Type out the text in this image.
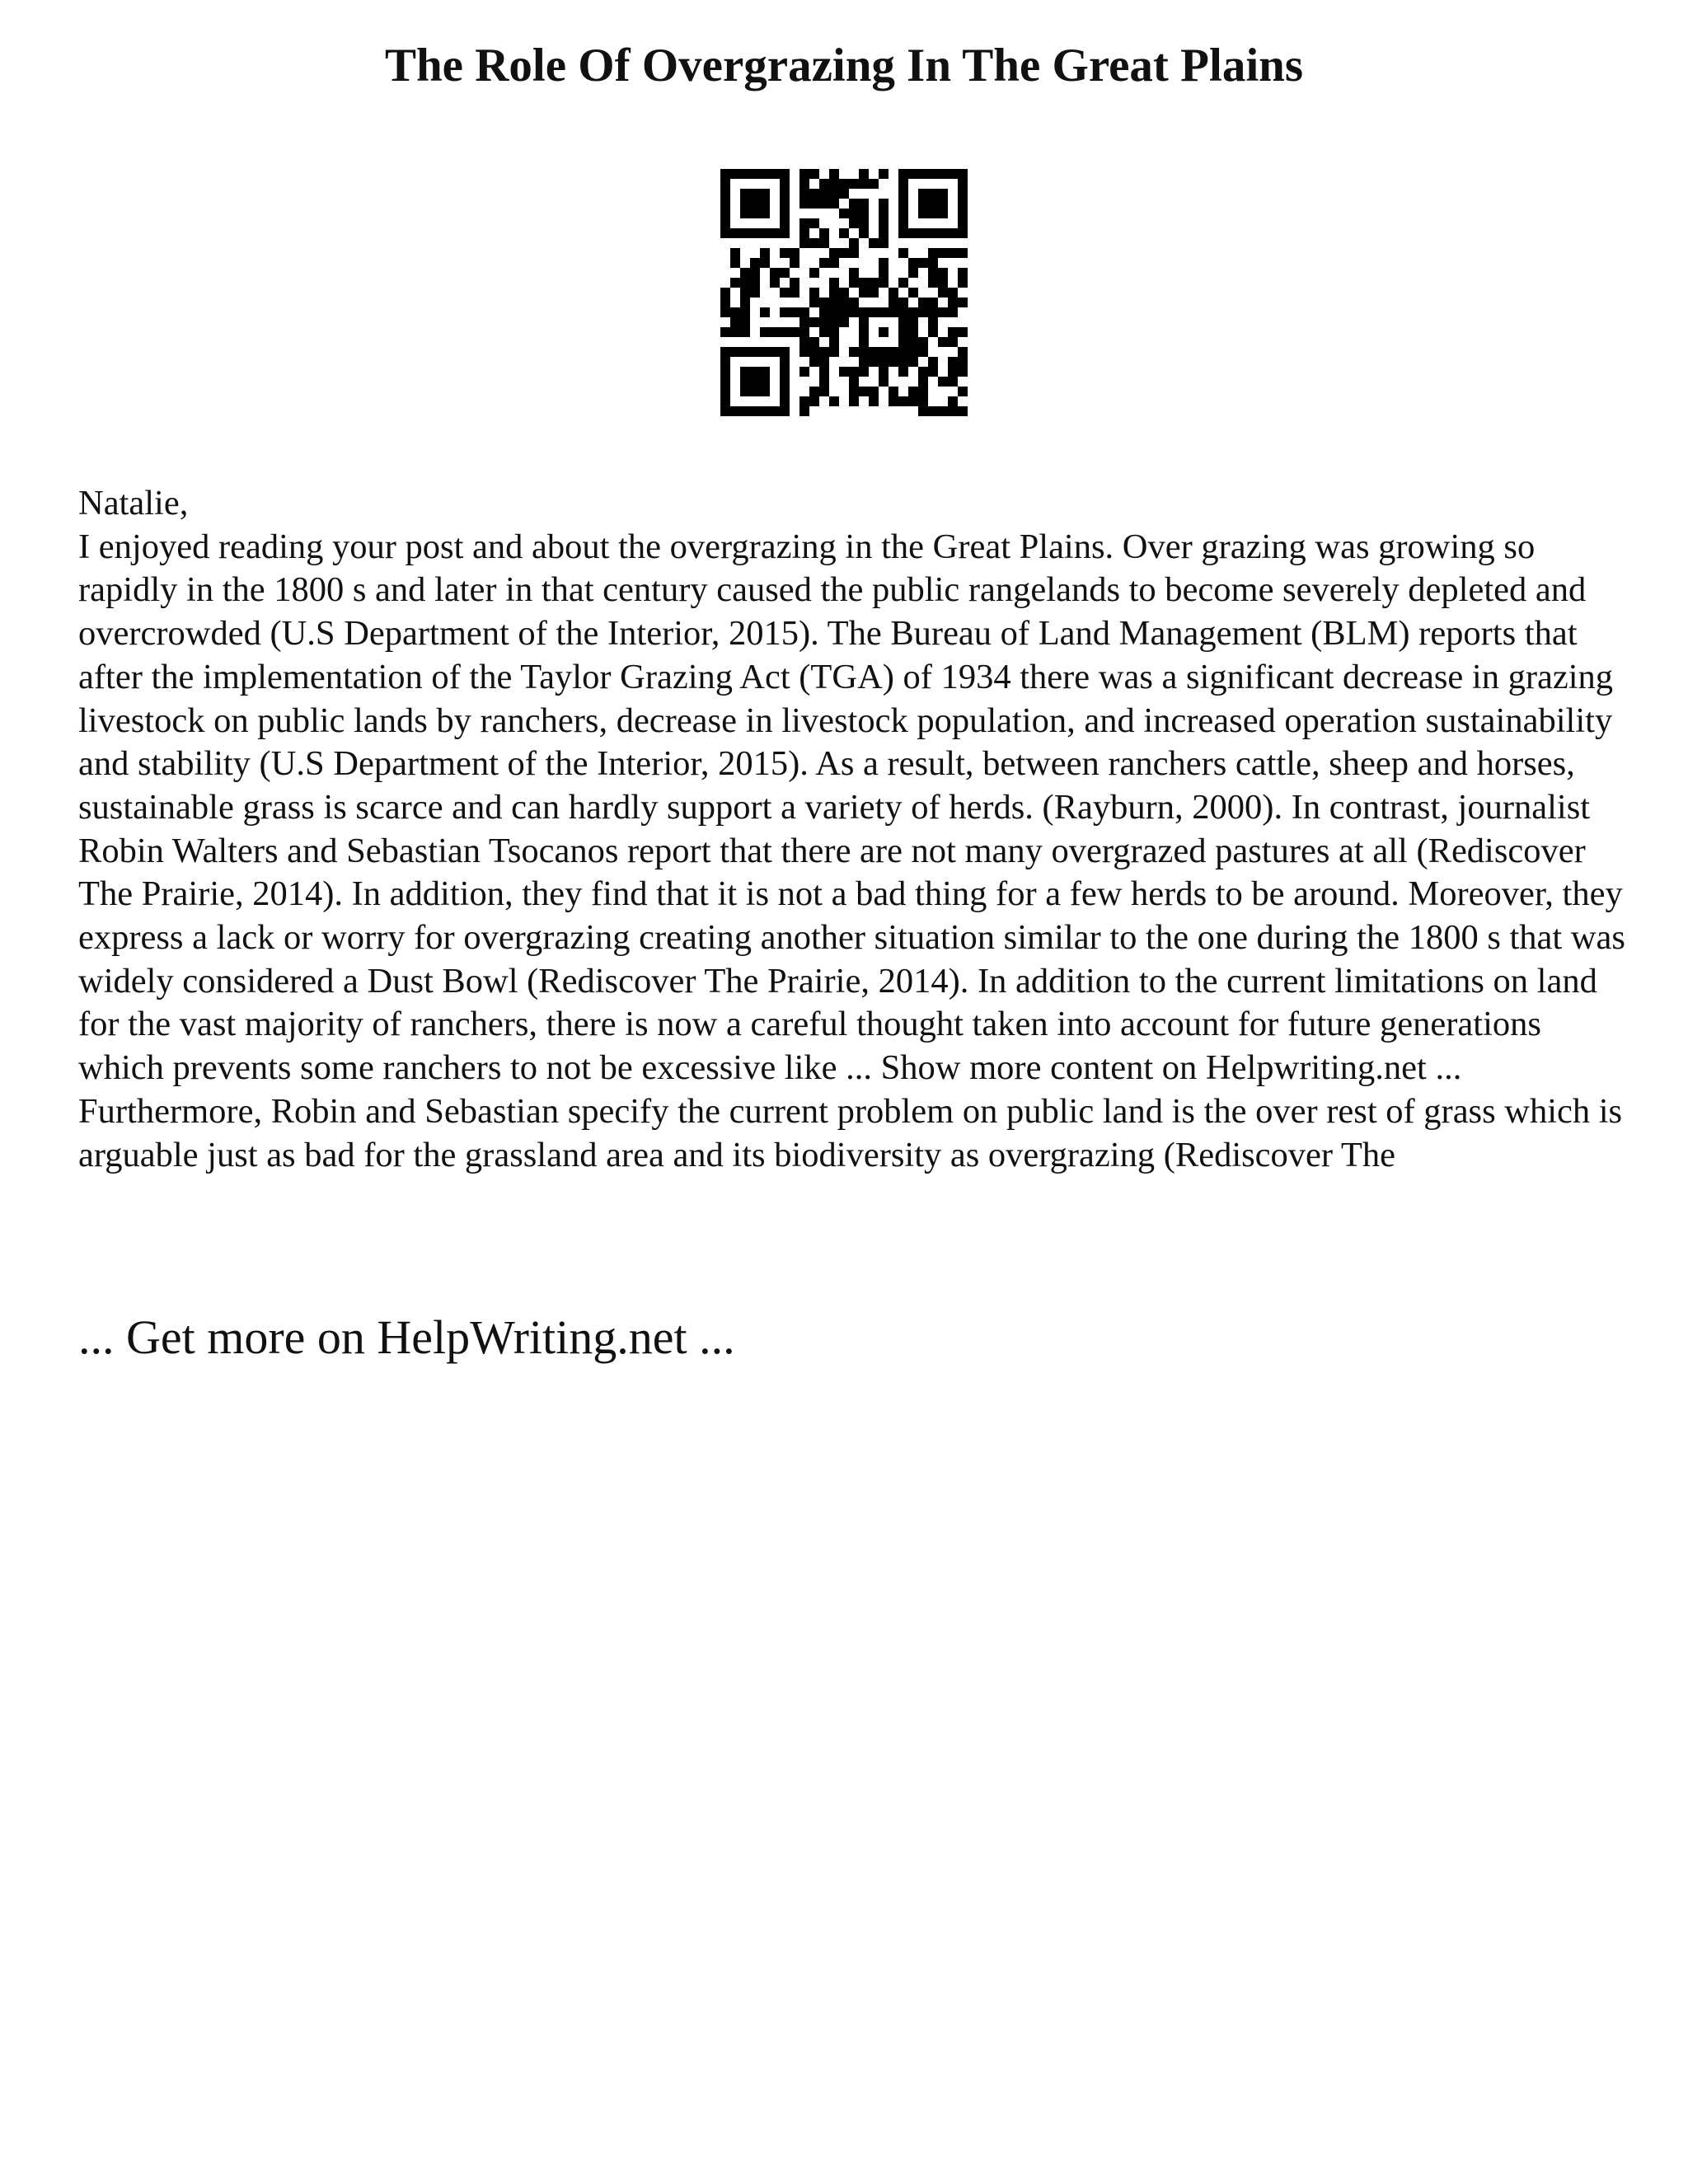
The Role Of Overgrazing In The Great Plains

Natalie,

I enjoyed reading your post and about the overgrazing in the Great Plains. Over grazing was growing so rapidly in the 1800 s and later in that century caused the public rangelands to become severely depleted and overcrowded (U.S Department of the Interior, 2015). The Bureau of Land Management (BLM) reports that after the implementation of the Taylor Grazing Act (TGA) of 1934 there was a significant decrease in grazing livestock on public lands by ranchers, decrease in livestock population, and increased operation sustainability and stability (U.S Department of the Interior, 2015). As a result, between ranchers cattle, sheep and horses, sustainable grass is scarce and can hardly support a variety of herds. (Rayburn, 2000). In contrast, journalist Robin Walters and Sebastian Tsocanos report that there are not many overgrazed pastures at all (Rediscover The Prairie, 2014). In addition, they find that it is not a bad thing for a few herds to be around. Moreover, they express a lack or worry for overgrazing creating another situation similar to the one during the 1800 s that was widely considered a Dust Bowl (Rediscover The Prairie, 2014). In addition to the current limitations on land for the vast majority of ranchers, there is now a careful thought taken into account for future generations which prevents some ranchers to not be excessive like ... Show more content on Helpwriting.net ...

Furthermore, Robin and Sebastian specify the current problem on public land is the over rest of grass which is arguable just as bad for the grassland area and its biodiversity as overgrazing (Rediscover The

... Get more on HelpWriting.net ...
